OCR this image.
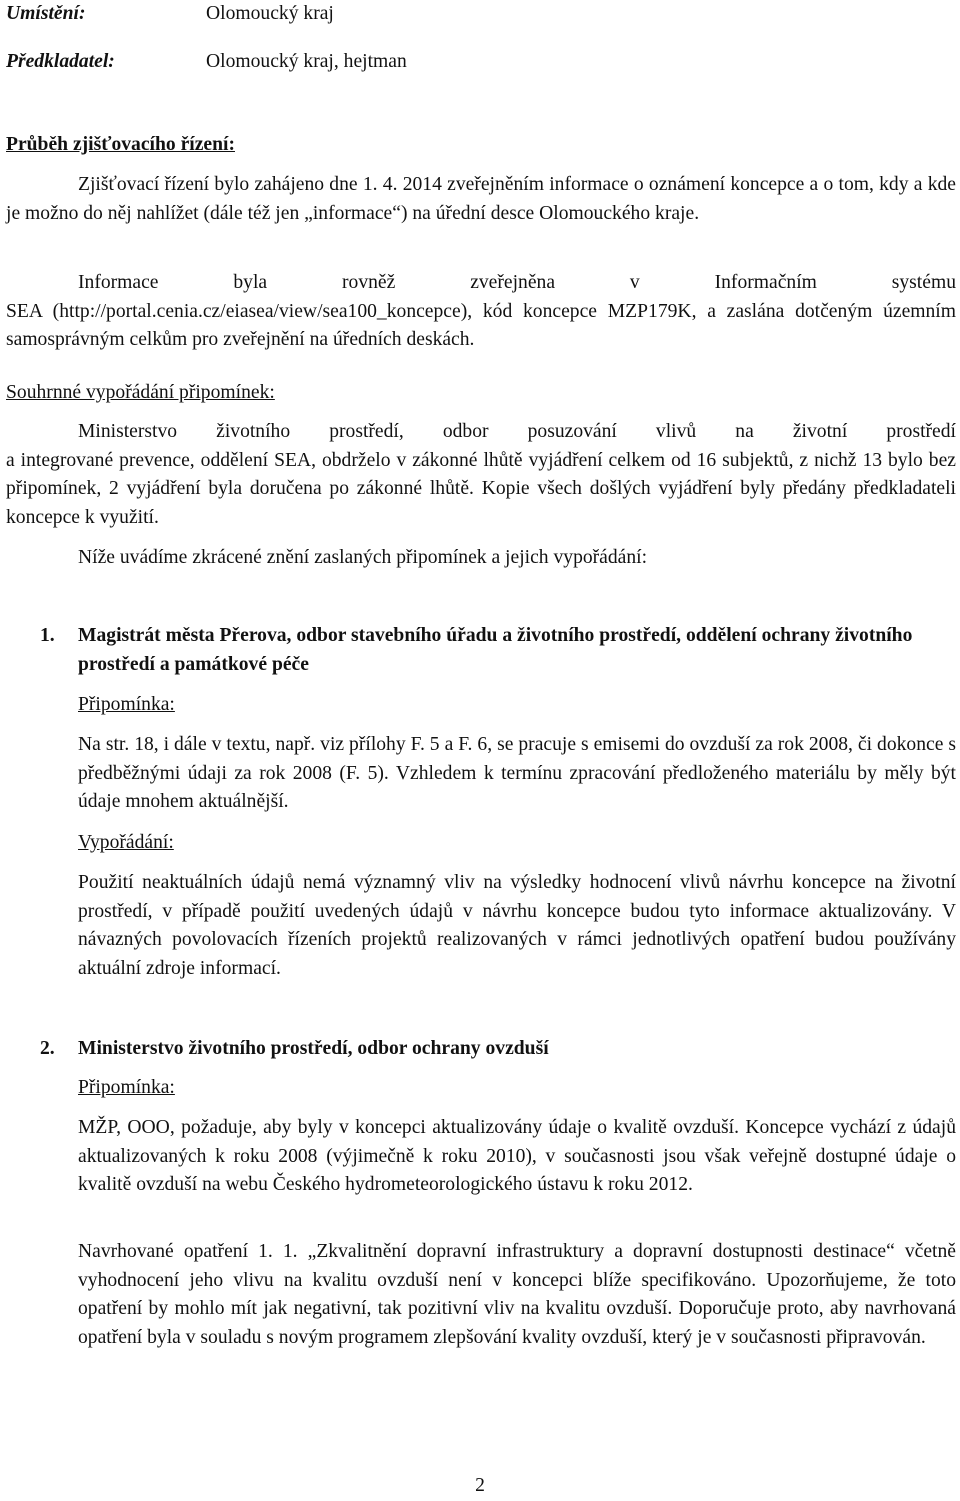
Umístění:	Olomoucký kraj
Předkladatel:	Olomoucký kraj, hejtman
Průběh zjišťovacího řízení:

Zjišťovací řízení bylo zahájeno dne 1. 4. 2014 zveřejněním informace o oznámení koncepce a o tom, kdy a kde je možno do něj nahlížet (dále též jen „informace“) na úřední desce Olomouckého kraje.

Informace byla rovněž zveřejněna v Informačním systému

SEA (http://portal.cenia.cz/eiasea/view/sea100_koncepce), kód koncepce MZP179K, a zaslána dotčeným územním samosprávným celkům pro zveřejnění na úředních deskách.

Souhrnné vypořádání připomínek:

Ministerstvo životního prostředí, odbor posuzování vlivů na životní prostředí

a integrované prevence, oddělení SEA, obdrželo v zákonné lhůtě vyjádření celkem od 16 subjektů, z nichž 13 bylo bez připomínek, 2 vyjádření byla doručena po zákonné lhůtě. Kopie všech došlých vyjádření byly předány předkladateli koncepce k využití.

Níže uvádíme zkrácené znění zaslaných připomínek a jejich vypořádání:

1. Magistrát města Přerova, odbor stavebního úřadu a životního prostředí, oddělení ochrany životního prostředí a památkové péče

Připomínka:

Na str. 18, i dále v textu, např. viz přílohy F. 5 a F. 6, se pracuje s emisemi do ovzduší za rok 2008, či dokonce s předběžnými údaji za rok 2008 (F. 5). Vzhledem k termínu zpracování předloženého materiálu by měly být údaje mnohem aktuálnější.

Vypořádání:

Použití neaktuálních údajů nemá významný vliv na výsledky hodnocení vlivů návrhu koncepce na životní prostředí, v případě použití uvedených údajů v návrhu koncepce budou tyto informace aktualizovány. V návazných povolovacích řízeních projektů realizovaných v rámci jednotlivých opatření budou používány aktuální zdroje informací.

2. Ministerstvo životního prostředí, odbor ochrany ovzduší

Připomínka:

MŽP, OOO, požaduje, aby byly v koncepci aktualizovány údaje o kvalitě ovzduší. Koncepce vychází z údajů aktualizovaných k roku 2008 (výjimečně k roku 2010), v současnosti jsou však veřejně dostupné údaje o kvalitě ovzduší na webu Českého hydrometeorologického ústavu k roku 2012.

Navrhované opatření 1. 1. „Zkvalitnění dopravní infrastruktury a dopravní dostupnosti destinace“ včetně vyhodnocení jeho vlivu na kvalitu ovzduší není v koncepci blíže specifikováno. Upozorňujeme, že toto opatření by mohlo mít jak negativní, tak pozitivní vliv na kvalitu ovzduší. Doporučuje proto, aby navrhovaná opatření byla v souladu s novým programem zlepšování kvality ovzduší, který je v současnosti připravován.

2
